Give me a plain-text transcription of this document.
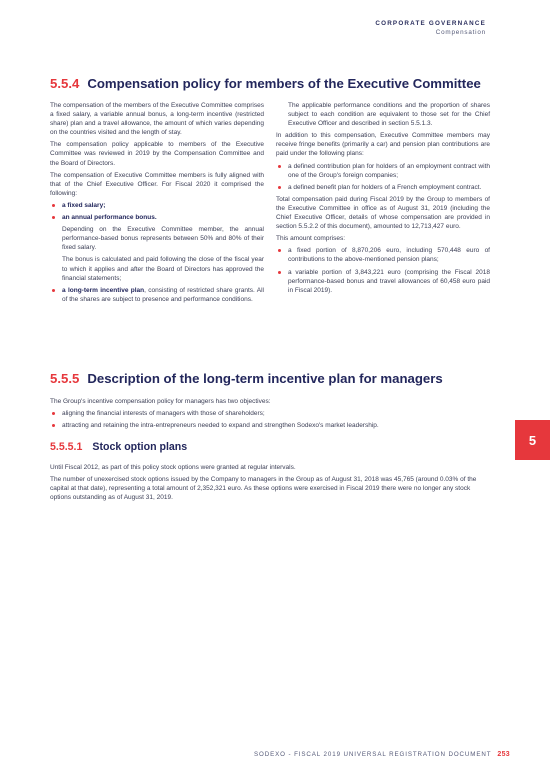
CORPORATE GOVERNANCE
Compensation
5.5.4 Compensation policy for members of the Executive Committee

The compensation of the members of the Executive Committee comprises a fixed salary, a variable annual bonus, a long-term incentive (restricted share) plan and a travel allowance, the amount of which varies depending on the countries visited and the length of stay.

The compensation policy applicable to members of the Executive Committee was reviewed in 2019 by the Compensation Committee and the Board of Directors.

The compensation of Executive Committee members is fully aligned with that of the Chief Executive Officer. For Fiscal 2020 it comprised the following:

a fixed salary;
an annual performance bonus.

Depending on the Executive Committee member, the annual performance-based bonus represents between 50% and 80% of their fixed salary.

The bonus is calculated and paid following the close of the fiscal year to which it applies and after the Board of Directors has approved the financial statements;

a long-term incentive plan, consisting of restricted share grants. All of the shares are subject to presence and performance conditions.

The applicable performance conditions and the proportion of shares subject to each condition are equivalent to those set for the Chief Executive Officer and described in section 5.5.1.3.

In addition to this compensation, Executive Committee members may receive fringe benefits (primarily a car) and pension plan contributions are paid under the following plans:

a defined contribution plan for holders of an employment contract with one of the Group's foreign companies;
a defined benefit plan for holders of a French employment contract.

Total compensation paid during Fiscal 2019 by the Group to members of the Executive Committee in office as of August 31, 2019 (including the Chief Executive Officer, details of whose compensation are provided in section 5.5.2.2 of this document), amounted to 12,713,427 euro.

This amount comprises:

a fixed portion of 8,870,206 euro, including 570,448 euro of contributions to the above-mentioned pension plans;
a variable portion of 3,843,221 euro (comprising the Fiscal 2018 performance-based bonus and travel allowances of 60,458 euro paid in Fiscal 2019).
5.5.5 Description of the long-term incentive plan for managers

The Group's incentive compensation policy for managers has two objectives:

aligning the financial interests of managers with those of shareholders;
attracting and retaining the intra-entrepreneurs needed to expand and strengthen Sodexo's market leadership.
5.5.5.1 Stock option plans

Until Fiscal 2012, as part of this policy stock options were granted at regular intervals.

The number of unexercised stock options issued by the Company to managers in the Group as of August 31, 2018 was 45,765 (around 0.03% of the capital at that date), representing a total amount of 2,352,321 euro. As these options were exercised in Fiscal 2019 there were no longer any stock options outstanding as of August 31, 2019.

5
SODEXO - FISCAL 2019 UNIVERSAL REGISTRATION DOCUMENT 253
